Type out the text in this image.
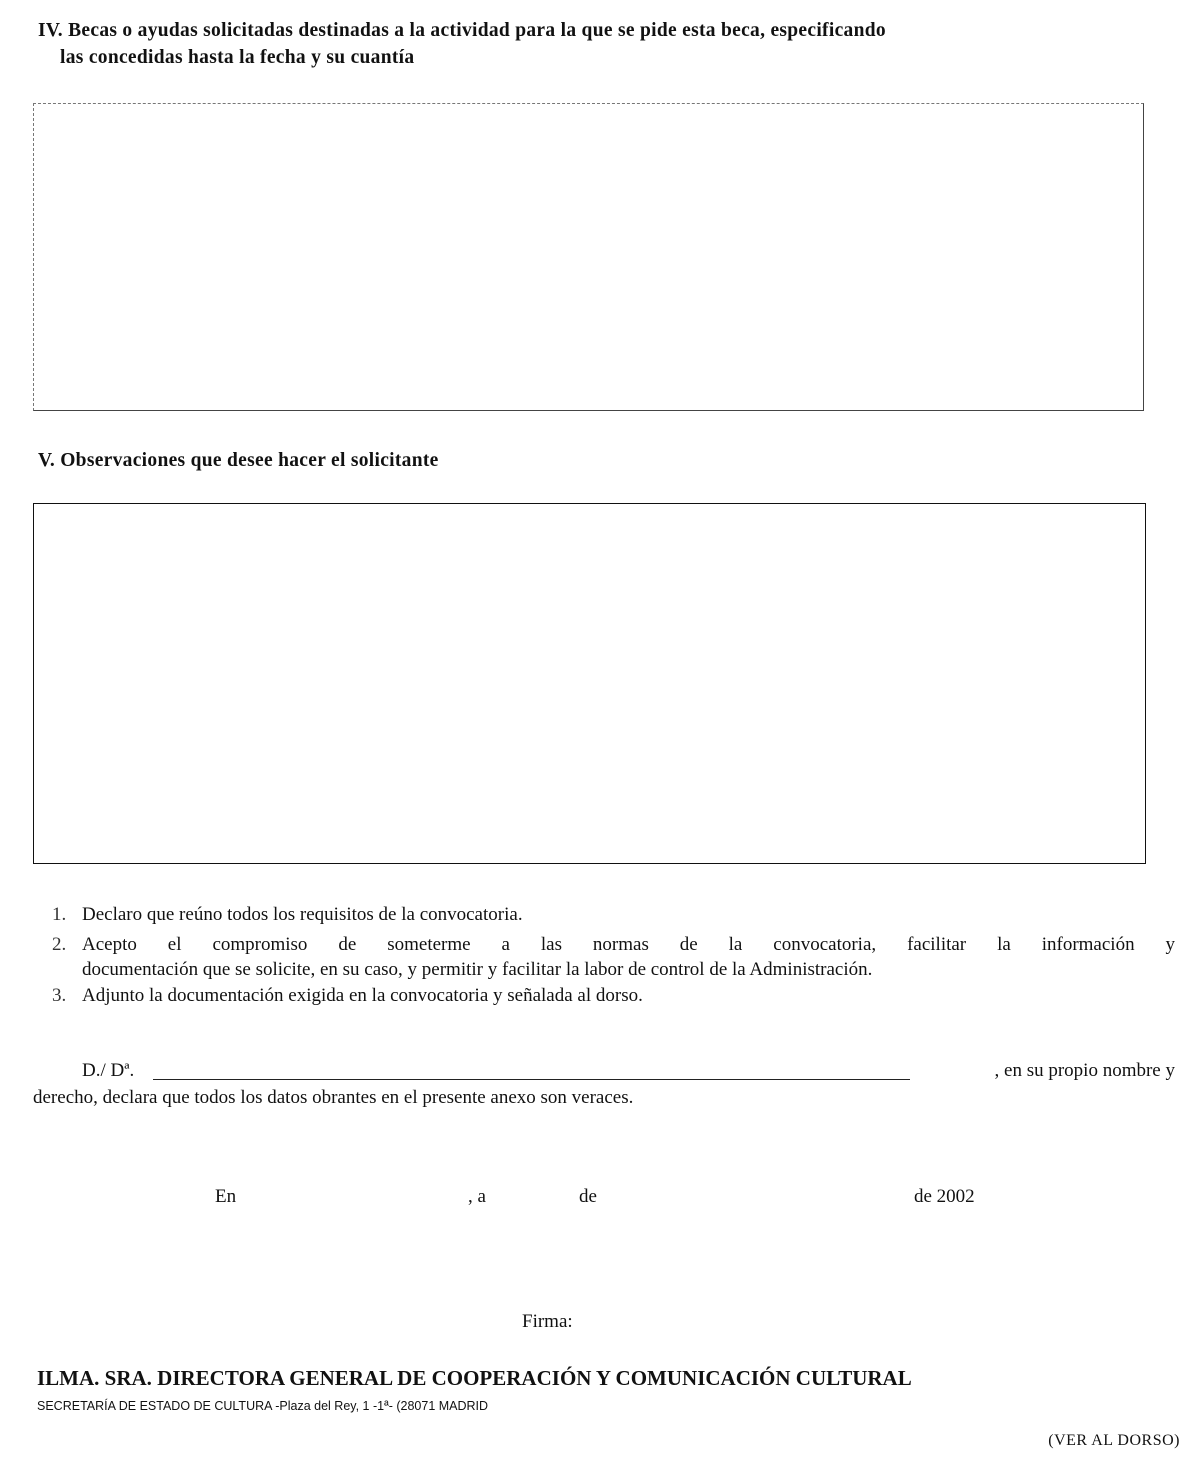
IV. Becas o ayudas solicitadas destinadas a la actividad para la que se pide esta beca, especificando
las concedidas hasta la fecha y su cuantía
V. Observaciones que desee hacer el solicitante
1. Declaro que reúno todos los requisitos de la convocatoria.
2. Acepto el compromiso de someterme a las normas de la convocatoria, facilitar la información y
documentación que se solicite, en su caso, y permitir y facilitar la labor de control de la Administración.
3. Adjunto la documentación exigida en la convocatoria y señalada al dorso.
D./ Dª.	, en su propio nombre y
derecho, declara que todos los datos obrantes en el presente anexo son veraces.
En	, a	de	de 2002
Firma:
ILMA. SRA. DIRECTORA GENERAL DE COOPERACIÓN Y COMUNICACIÓN CULTURAL
SECRETARÍA DE ESTADO DE CULTURA -Plaza del Rey, 1 -1ª- (28071 MADRID
(VER AL DORSO)
